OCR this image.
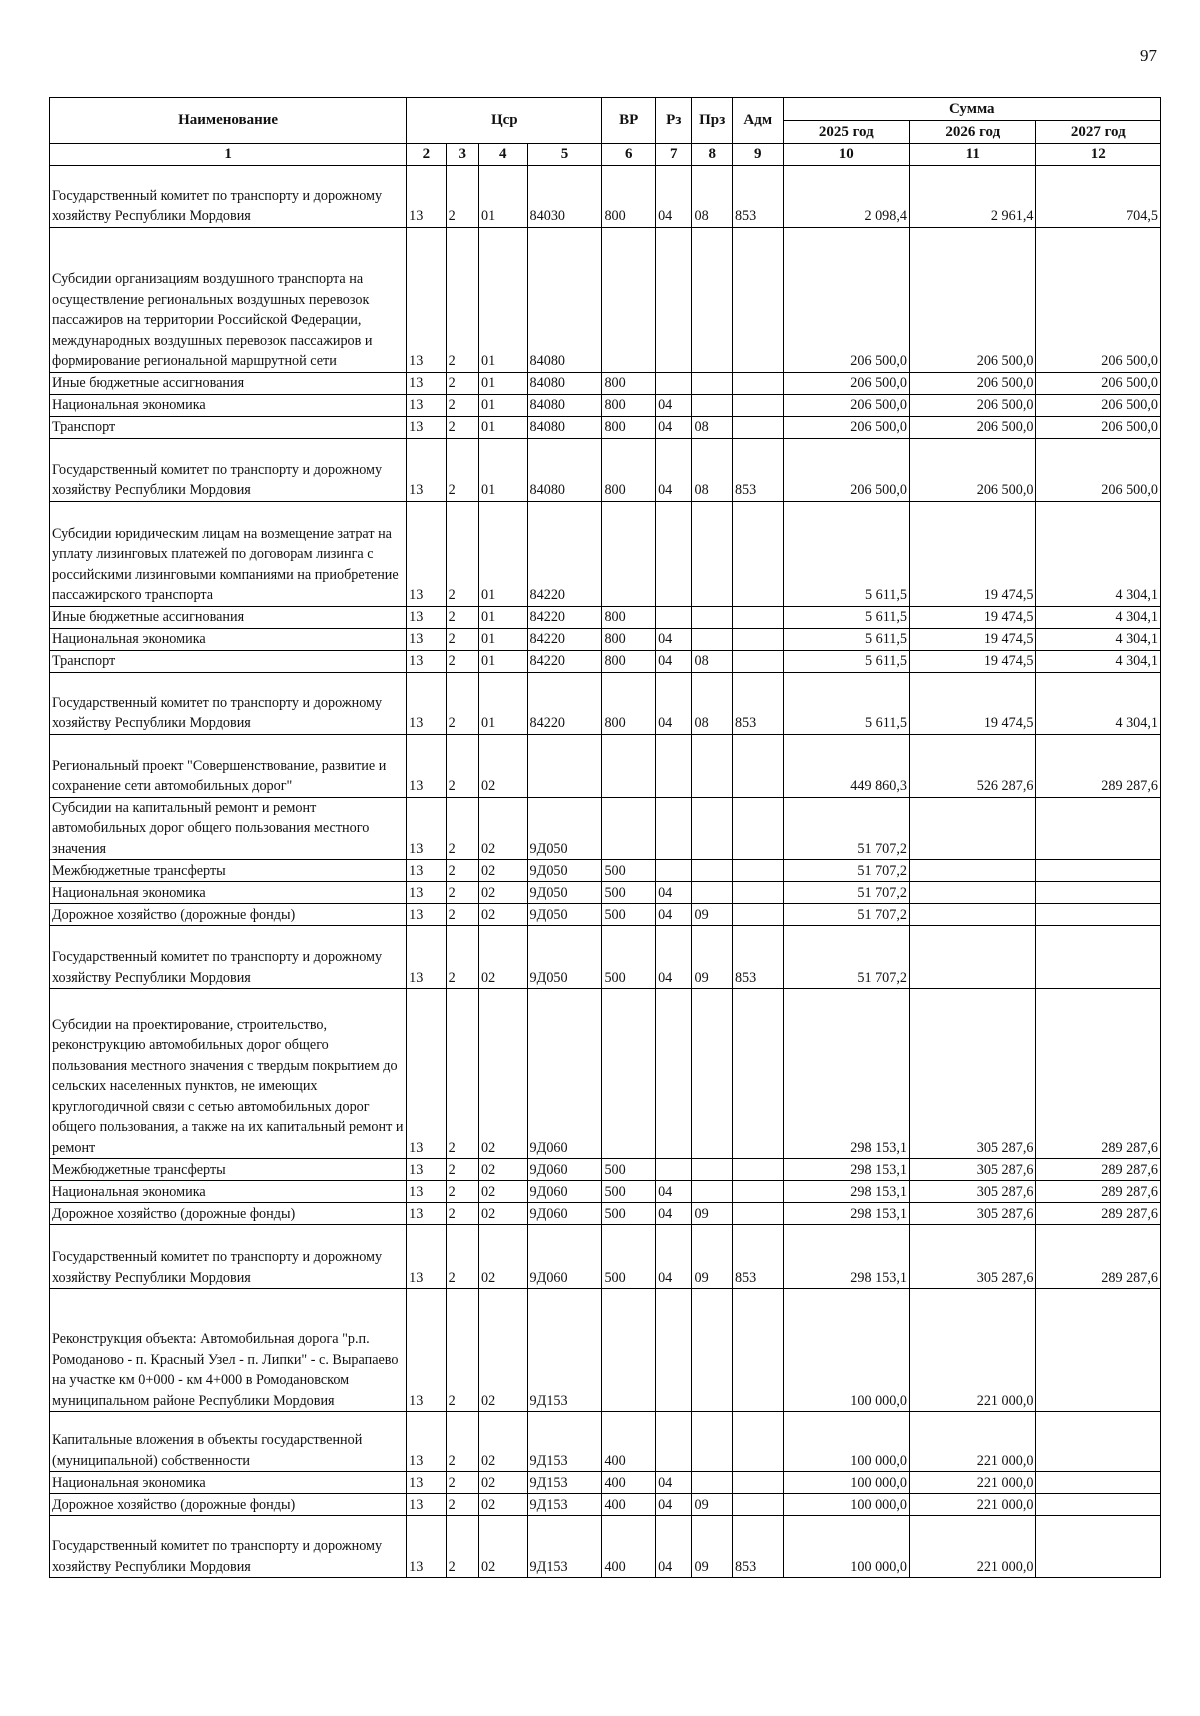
97
Наименование	Цср				ВР	Рз	Прз	Адм	Сумма		
									2025 год	2026 год	2027 год
1	2	3	4	5	6	7	8	9	10	11	12
Государственный комитет по транспорту и дорожному хозяйству Республики Мордовия	13	2	01	84030	800	04	08	853	2 098,4	2 961,4	704,5
Субсидии организациям воздушного транспорта на осуществление региональных воздушных перевозок пассажиров на территории Российской Федерации, международных воздушных перевозок пассажиров и формирование региональной маршрутной сети	13	2	01	84080					206 500,0	206 500,0	206 500,0
Иные бюджетные ассигнования	13	2	01	84080	800				206 500,0	206 500,0	206 500,0
Национальная экономика	13	2	01	84080	800	04			206 500,0	206 500,0	206 500,0
Транспорт	13	2	01	84080	800	04	08		206 500,0	206 500,0	206 500,0
Государственный комитет по транспорту и дорожному хозяйству Республики Мордовия	13	2	01	84080	800	04	08	853	206 500,0	206 500,0	206 500,0
Субсидии юридическим лицам на возмещение затрат на уплату лизинговых платежей по договорам лизинга с российскими лизинговыми компаниями на приобретение пассажирского транспорта	13	2	01	84220					5 611,5	19 474,5	4 304,1
Иные бюджетные ассигнования	13	2	01	84220	800				5 611,5	19 474,5	4 304,1
Национальная экономика	13	2	01	84220	800	04			5 611,5	19 474,5	4 304,1
Транспорт	13	2	01	84220	800	04	08		5 611,5	19 474,5	4 304,1
Государственный комитет по транспорту и дорожному хозяйству Республики Мордовия	13	2	01	84220	800	04	08	853	5 611,5	19 474,5	4 304,1
Региональный проект "Совершенствование, развитие и сохранение сети автомобильных дорог"	13	2	02						449 860,3	526 287,6	289 287,6
Субсидии на капитальный ремонт и ремонт автомобильных дорог общего пользования местного значения	13	2	02	9Д050					51 707,2		
Межбюджетные трансферты	13	2	02	9Д050	500				51 707,2		
Национальная экономика	13	2	02	9Д050	500	04			51 707,2		
Дорожное хозяйство (дорожные фонды)	13	2	02	9Д050	500	04	09		51 707,2		
Государственный комитет по транспорту и дорожному хозяйству Республики Мордовия	13	2	02	9Д050	500	04	09	853	51 707,2		
Субсидии на проектирование, строительство, реконструкцию автомобильных дорог общего пользования местного значения с твердым покрытием до сельских населенных пунктов, не имеющих круглогодичной связи с сетью автомобильных дорог общего пользования, а также на их капитальный ремонт и ремонт	13	2	02	9Д060					298 153,1	305 287,6	289 287,6
Межбюджетные трансферты	13	2	02	9Д060	500				298 153,1	305 287,6	289 287,6
Национальная экономика	13	2	02	9Д060	500	04			298 153,1	305 287,6	289 287,6
Дорожное хозяйство (дорожные фонды)	13	2	02	9Д060	500	04	09		298 153,1	305 287,6	289 287,6
Государственный комитет по транспорту и дорожному хозяйству Республики Мордовия	13	2	02	9Д060	500	04	09	853	298 153,1	305 287,6	289 287,6
Реконструкция объекта: Автомобильная дорога "р.п. Ромоданово - п. Красный Узел - п. Липки" - с. Вырапаево на участке км 0+000 - км 4+000 в Ромодановском муниципальном районе Республики Мордовия	13	2	02	9Д153					100 000,0	221 000,0	
Капитальные вложения в объекты государственной (муниципальной) собственности	13	2	02	9Д153	400				100 000,0	221 000,0	
Национальная экономика	13	2	02	9Д153	400	04			100 000,0	221 000,0	
Дорожное хозяйство (дорожные фонды)	13	2	02	9Д153	400	04	09		100 000,0	221 000,0	
Государственный комитет по транспорту и дорожному хозяйству Республики Мордовия	13	2	02	9Д153	400	04	09	853	100 000,0	221 000,0	
